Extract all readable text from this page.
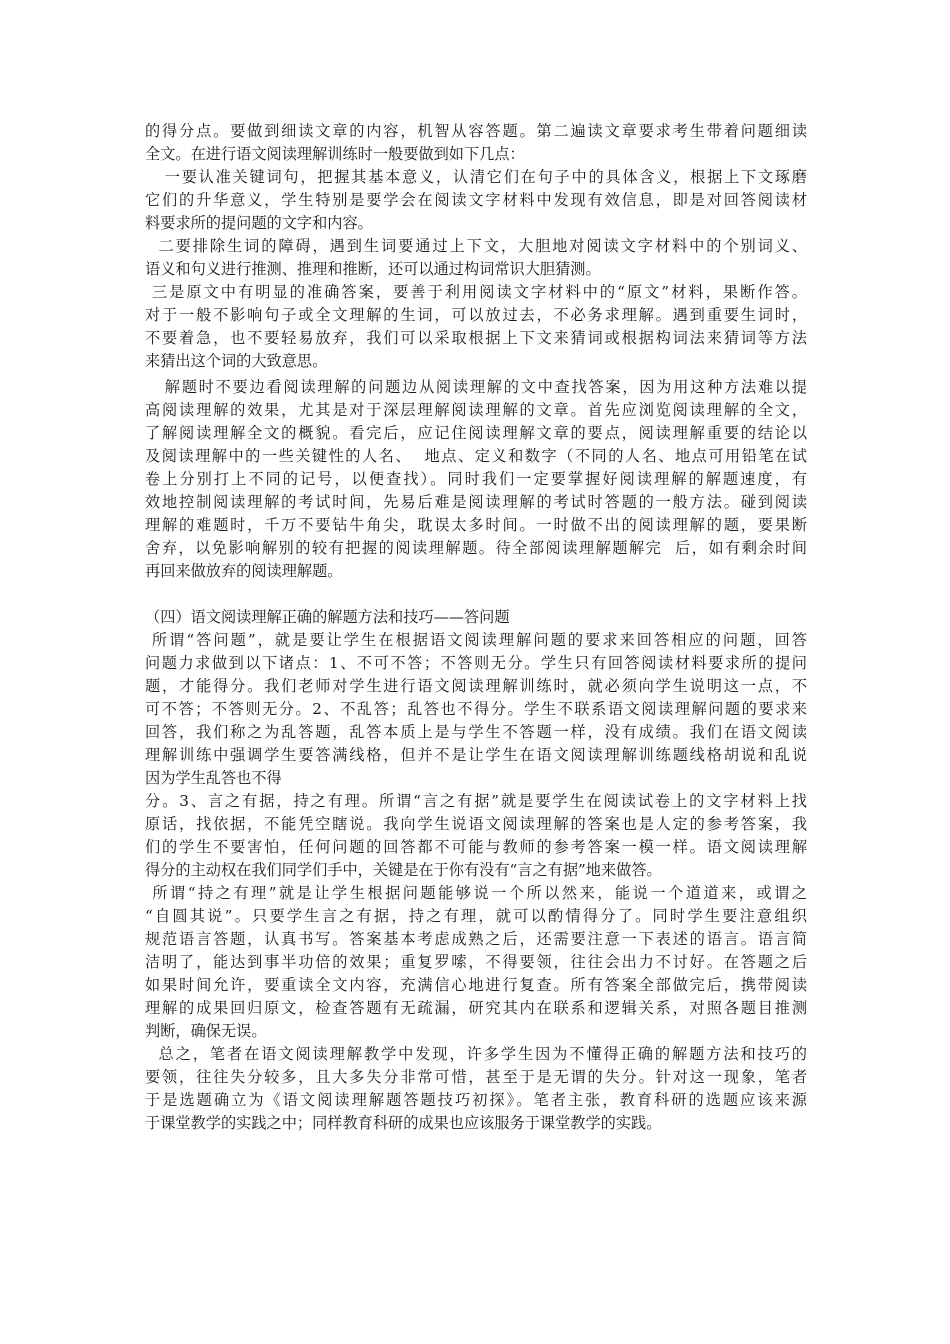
的得分点。要做到细读文章的内容，机智从容答题。第二遍读文章要求考生带着问题细读
全文。在进行语文阅读理解训练时一般要做到如下几点：
一要认准关键词句，把握其基本意义，认清它们在句子中的具体含义，根据上下文琢磨
它们的升华意义，学生特别是要学会在阅读文字材料中发现有效信息，即是对回答阅读材
料要求所的提问题的文字和内容。
二要排除生词的障碍，遇到生词要通过上下文，大胆地对阅读文字材料中的个别词义、
语义和句义进行推测、推理和推断，还可以通过构词常识大胆猜测。
三是原文中有明显的准确答案，要善于利用阅读文字材料中的“原文”材料，果断作答。
对于一般不影响句子或全文理解的生词，可以放过去，不必务求理解。遇到重要生词时，
不要着急，也不要轻易放弃，我们可以采取根据上下文来猜词或根据构词法来猜词等方法
来猜出这个词的大致意思。
解题时不要边看阅读理解的问题边从阅读理解的文中查找答案，因为用这种方法难以提
高阅读理解的效果，尤其是对于深层理解阅读理解的文章。首先应浏览阅读理解的全文，
了解阅读理解全文的概貌。看完后，应记住阅读理解文章的要点，阅读理解重要的结论以
及阅读理解中的一些关键性的人名、  地点、定义和数字（不同的人名、地点可用铅笔在试
卷上分别打上不同的记号，以便查找）。同时我们一定要掌握好阅读理解的解题速度，有
效地控制阅读理解的考试时间，先易后难是阅读理解的考试时答题的一般方法。碰到阅读
理解的难题时，千万不要钻牛角尖，耽误太多时间。一时做不出的阅读理解的题，要果断
舍弃，以免影响解别的较有把握的阅读理解题。待全部阅读理解题解完  后，如有剩余时间
再回来做放弃的阅读理解题。
（四）语文阅读理解正确的解题方法和技巧——答问题
所谓“答问题”，就是要让学生在根据语文阅读理解问题的要求来回答相应的问题，回答
问题力求做到以下诸点：1、不可不答；不答则无分。学生只有回答阅读材料要求所的提问
题，才能得分。我们老师对学生进行语文阅读理解训练时，就必须向学生说明这一点，不
可不答；不答则无分。2、不乱答；乱答也不得分。学生不联系语文阅读理解问题的要求来
回答，我们称之为乱答题，乱答本质上是与学生不答题一样，没有成绩。我们在语文阅读
理解训练中强调学生要答满线格，但并不是让学生在语文阅读理解训练题线格胡说和乱说
因为学生乱答也不得
分。3、言之有据，持之有理。所谓“言之有据”就是要学生在阅读试卷上的文字材料上找
原话，找依据，不能凭空瞎说。我向学生说语文阅读理解的答案也是人定的参考答案，我
们的学生不要害怕，任何问题的回答都不可能与教师的参考答案一模一样。语文阅读理解
得分的主动权在我们同学们手中，关键是在于你有没有“言之有据”地来做答。
所谓“持之有理”就是让学生根据问题能够说一个所以然来，能说一个道道来，或谓之
“自圆其说”。只要学生言之有据，持之有理，就可以酌情得分了。同时学生要注意组织
规范语言答题，认真书写。答案基本考虑成熟之后，还需要注意一下表述的语言。语言简
洁明了，能达到事半功倍的效果；重复罗嗦，不得要领，往往会出力不讨好。在答题之后
如果时间允许，要重读全文内容，充满信心地进行复查。所有答案全部做完后，携带阅读
理解的成果回归原文，检查答题有无疏漏，研究其内在联系和逻辑关系，对照各题目推测
判断，确保无误。
总之，笔者在语文阅读理解教学中发现，许多学生因为不懂得正确的解题方法和技巧的
要领，往往失分较多，且大多失分非常可惜，甚至于是无谓的失分。针对这一现象，笔者
于是选题确立为《语文阅读理解题答题技巧初探》。笔者主张，教育科研的选题应该来源
于课堂教学的实践之中；同样教育科研的成果也应该服务于课堂教学的实践。
